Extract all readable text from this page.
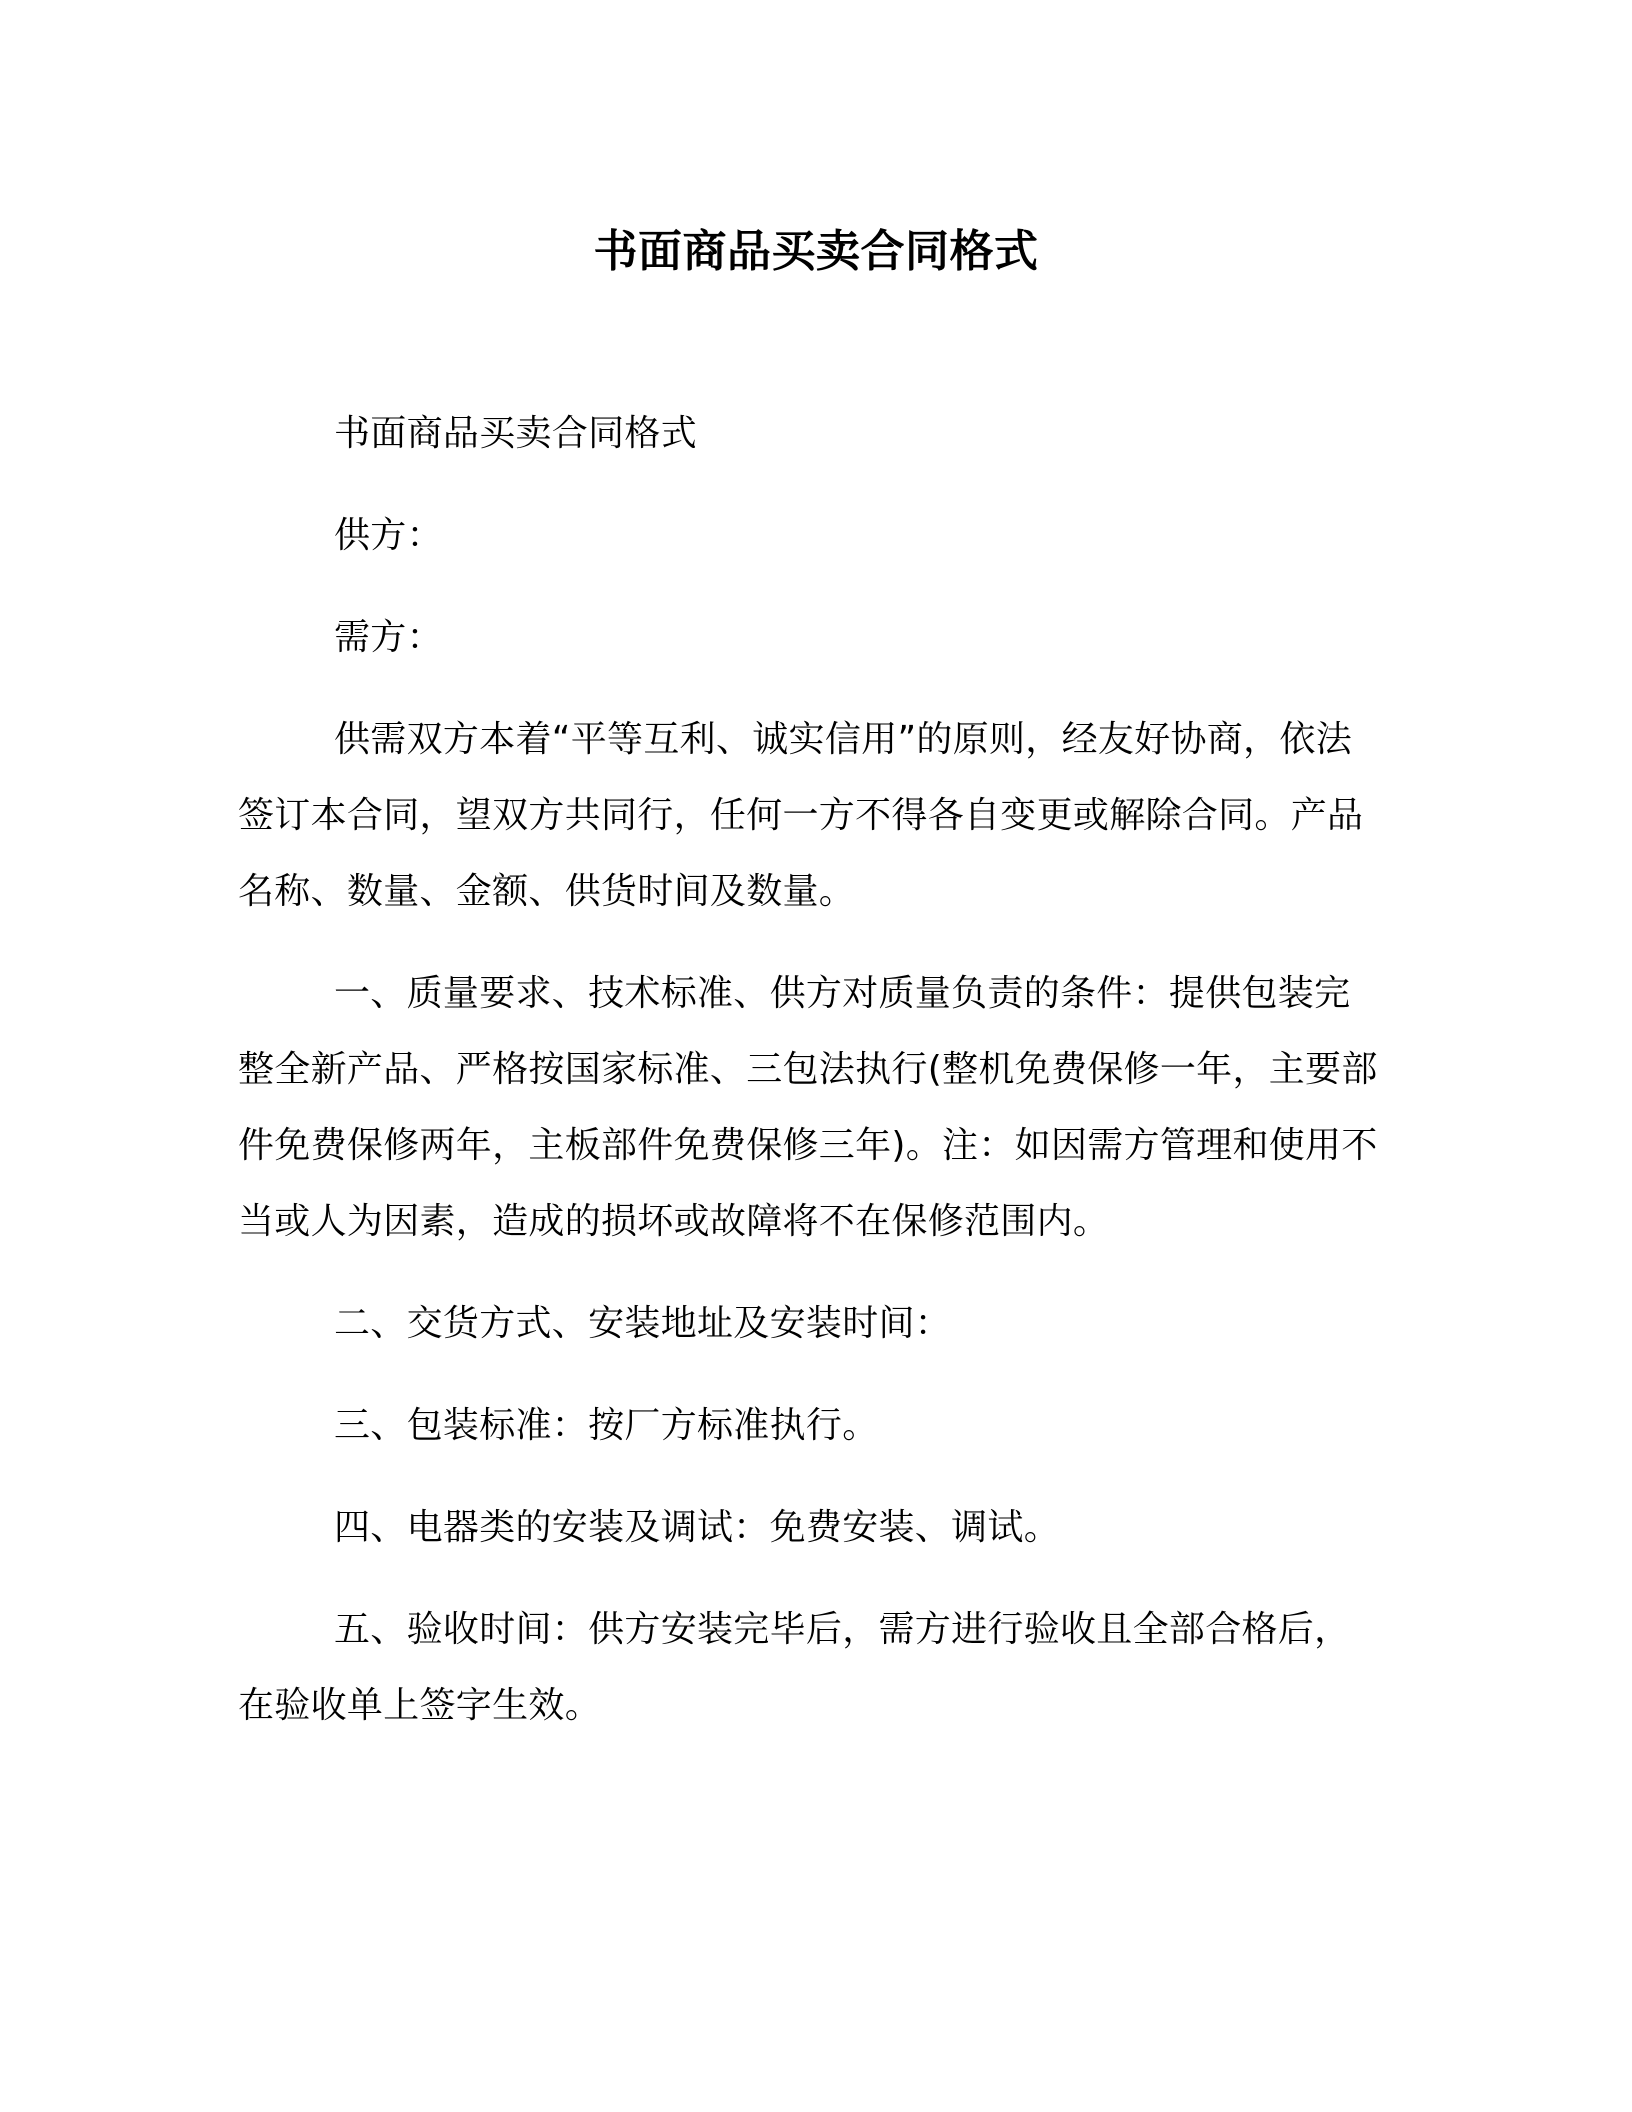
书面商品买卖合同格式

书面商品买卖合同格式

供方：

需方：

供需双方本着“平等互利、诚实信用”的原则，经友好协商，依法签订本合同，望双方共同行，任何一方不得各自变更或解除合同。产品名称、数量、金额、供货时间及数量。

一、质量要求、技术标准、供方对质量负责的条件：提供包装完整全新产品、严格按国家标准、三包法执行(整机免费保修一年，主要部件免费保修两年，主板部件免费保修三年)。注：如因需方管理和使用不当或人为因素，造成的损坏或故障将不在保修范围内。

二、交货方式、安装地址及安装时间：

三、包装标准：按厂方标准执行。

四、电器类的安装及调试：免费安装、调试。

五、验收时间：供方安装完毕后，需方进行验收且全部合格后，在验收单上签字生效。
